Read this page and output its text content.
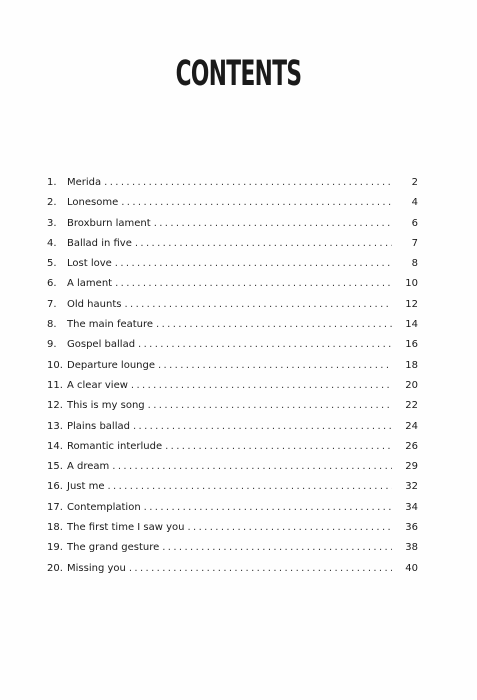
CONTENTS
1.	Merida . . .	2
2.	Lonesome . . .	4
3.	Broxburn lament . . .	6
4.	Ballad in five . . .	7
5.	Lost love . . .	8
6.	A lament . . .	10
7.	Old haunts . . .	12
8.	The main feature . . .	14
9.	Gospel ballad . . .	16
10. Departure lounge . . .	18
11. A clear view . . .	20
12. This is my song . . .	22
13. Plains ballad . . .	24
14. Romantic interlude . . .	26
15. A dream . . .	29
16. Just me . . .	32
17. Contemplation . . .	34
18. The first time I saw you . . .	36
19. The grand gesture . . .	38
20. Missing you . . .	40
